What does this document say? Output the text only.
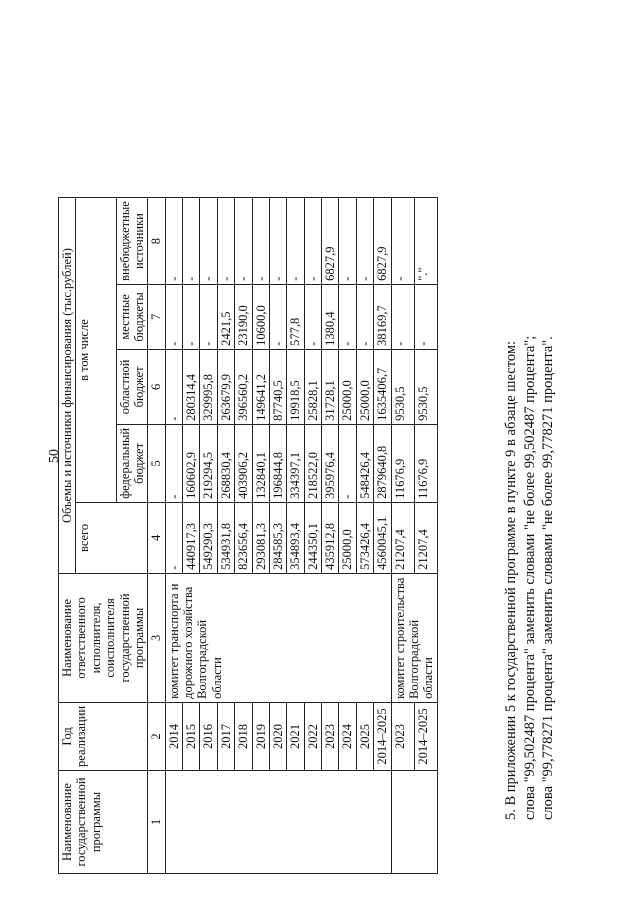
50
Наименование государственной программы	Год реализации	Наименование ответственного исполнителя, соисполнителя государственной программы	Объемы и источники финансирования (тыс.рублей)				
			всего	в том числе			
				федеральный бюджет	областной бюджет	местные бюджеты	внебюджетные источники
1	2	3	4	5	6	7	8
	2014	комитет транспорта и дорожного хозяйства Волгоградской области	-	-	-	-	-
	2015		440917,3	160602,9	280314,4	-	-
	2016		549290,3	219294,5	329995,8	-	-
	2017		534931,8	268830,4	263679,9	2421,5	-
	2018		823656,4	403906,2	396560,2	23190,0	-
	2019		293081,3	132840,1	149641,2	10600,0	-
	2020		284585,3	196844,8	87740,5	-	-
	2021		354893,4	334397,1	19918,5	577,8	-
	2022		244350,1	218522,0	25828,1	-	-
	2023		435912,8	395976,4	31728,1	1380,4	6827,9
	2024		25000,0	-	25000,0	-	-
	2025		573426,4	548426,4	25000,0	-	-
	2014–2025		4560045,1	2879640,8	1635406,7	38169,7	6827,9
	2023	комитет строительства Волгоградской области	21207,4	11676,9	9530,5	-	-
	2014–2025		21207,4	11676,9	9530,5	-	"."
5. В приложении 5 к государственной программе в пункте 9 в абзаце шестом: слова "99,502487 процента" заменить словами "не более 99,502487 процента"; слова "99,778271 процента" заменить словами "не более 99,778271 процента".
